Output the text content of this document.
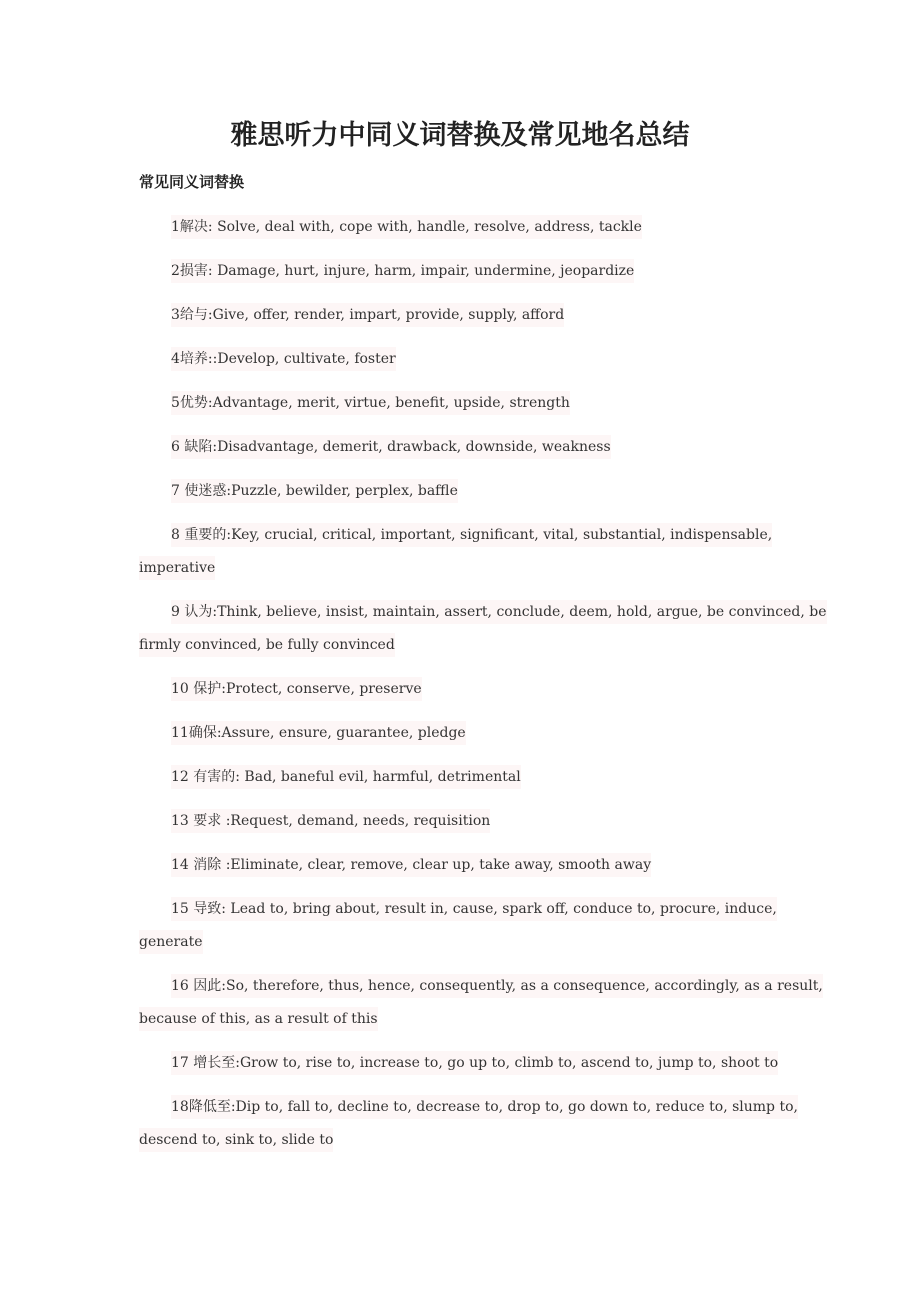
雅思听力中同义词替换及常见地名总结
常见同义词替换
1解决: Solve, deal with, cope with, handle, resolve, address, tackle
2损害: Damage, hurt, injure, harm, impair, undermine, jeopardize
3给与:Give, offer, render, impart, provide, supply, afford
4培养::Develop, cultivate, foster
5优势:Advantage, merit, virtue, benefit, upside, strength
6 缺陷:Disadvantage, demerit, drawback, downside, weakness
7 使迷惑:Puzzle, bewilder, perplex, baffle
8 重要的:Key, crucial, critical, important, significant, vital, substantial, indispensable, imperative
9 认为:Think, believe, insist, maintain, assert, conclude, deem, hold, argue, be convinced, be firmly convinced, be fully convinced
10 保护:Protect, conserve, preserve
11确保:Assure, ensure, guarantee, pledge
12 有害的: Bad, baneful evil, harmful, detrimental
13 要求 :Request, demand, needs, requisition
14 消除 :Eliminate, clear, remove, clear up, take away, smooth away
15 导致: Lead to, bring about, result in, cause, spark off, conduce to, procure, induce, generate
16 因此:So, therefore, thus, hence, consequently, as a consequence, accordingly, as a result, because of this, as a result of this
17 增长至:Grow to, rise to, increase to, go up to, climb to, ascend to, jump to, shoot to
18降低至:Dip to, fall to, decline to, decrease to, drop to, go down to, reduce to, slump to, descend to, sink to, slide to
